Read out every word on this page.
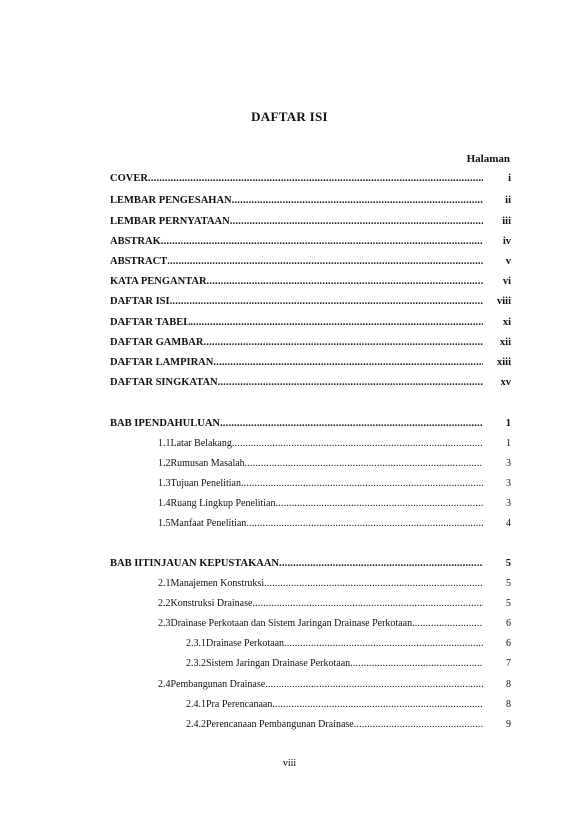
DAFTAR ISI
Halaman
COVER .....	i
LEMBAR PENGESAHAN .....	ii
LEMBAR PERNYATAAN .....	iii
ABSTRAK .....	iv
ABSTRACT .....	v
KATA PENGANTAR .....	vi
DAFTAR ISI .....	viii
DAFTAR TABEL .....	xi
DAFTAR GAMBAR .....	xii
DAFTAR LAMPIRAN .....	xiii
DAFTAR SINGKATAN .....	xv
BAB I PENDAHULUAN .....	1
1.1 Latar Belakang .....	1
1.2 Rumusan Masalah .....	3
1.3 Tujuan Penelitian .....	3
1.4 Ruang Lingkup Penelitian .....	3
1.5 Manfaat Penelitian .....	4
BAB II TINJAUAN KEPUSTAKAAN .....	5
2.1 Manajemen Konstruksi .....	5
2.2 Konstruksi Drainase .....	5
2.3 Drainase Perkotaan dan Sistem Jaringan Drainase Perkotaan .....	6
2.3.1 Drainase Perkotaan .....	6
2.3.2 Sistem Jaringan Drainase Perkotaan .....	7
2.4 Pembangunan Drainase .....	8
2.4.1 Pra Perencanaan .....	8
2.4.2 Perencanaan Pembangunan Drainase .....	9
viii
